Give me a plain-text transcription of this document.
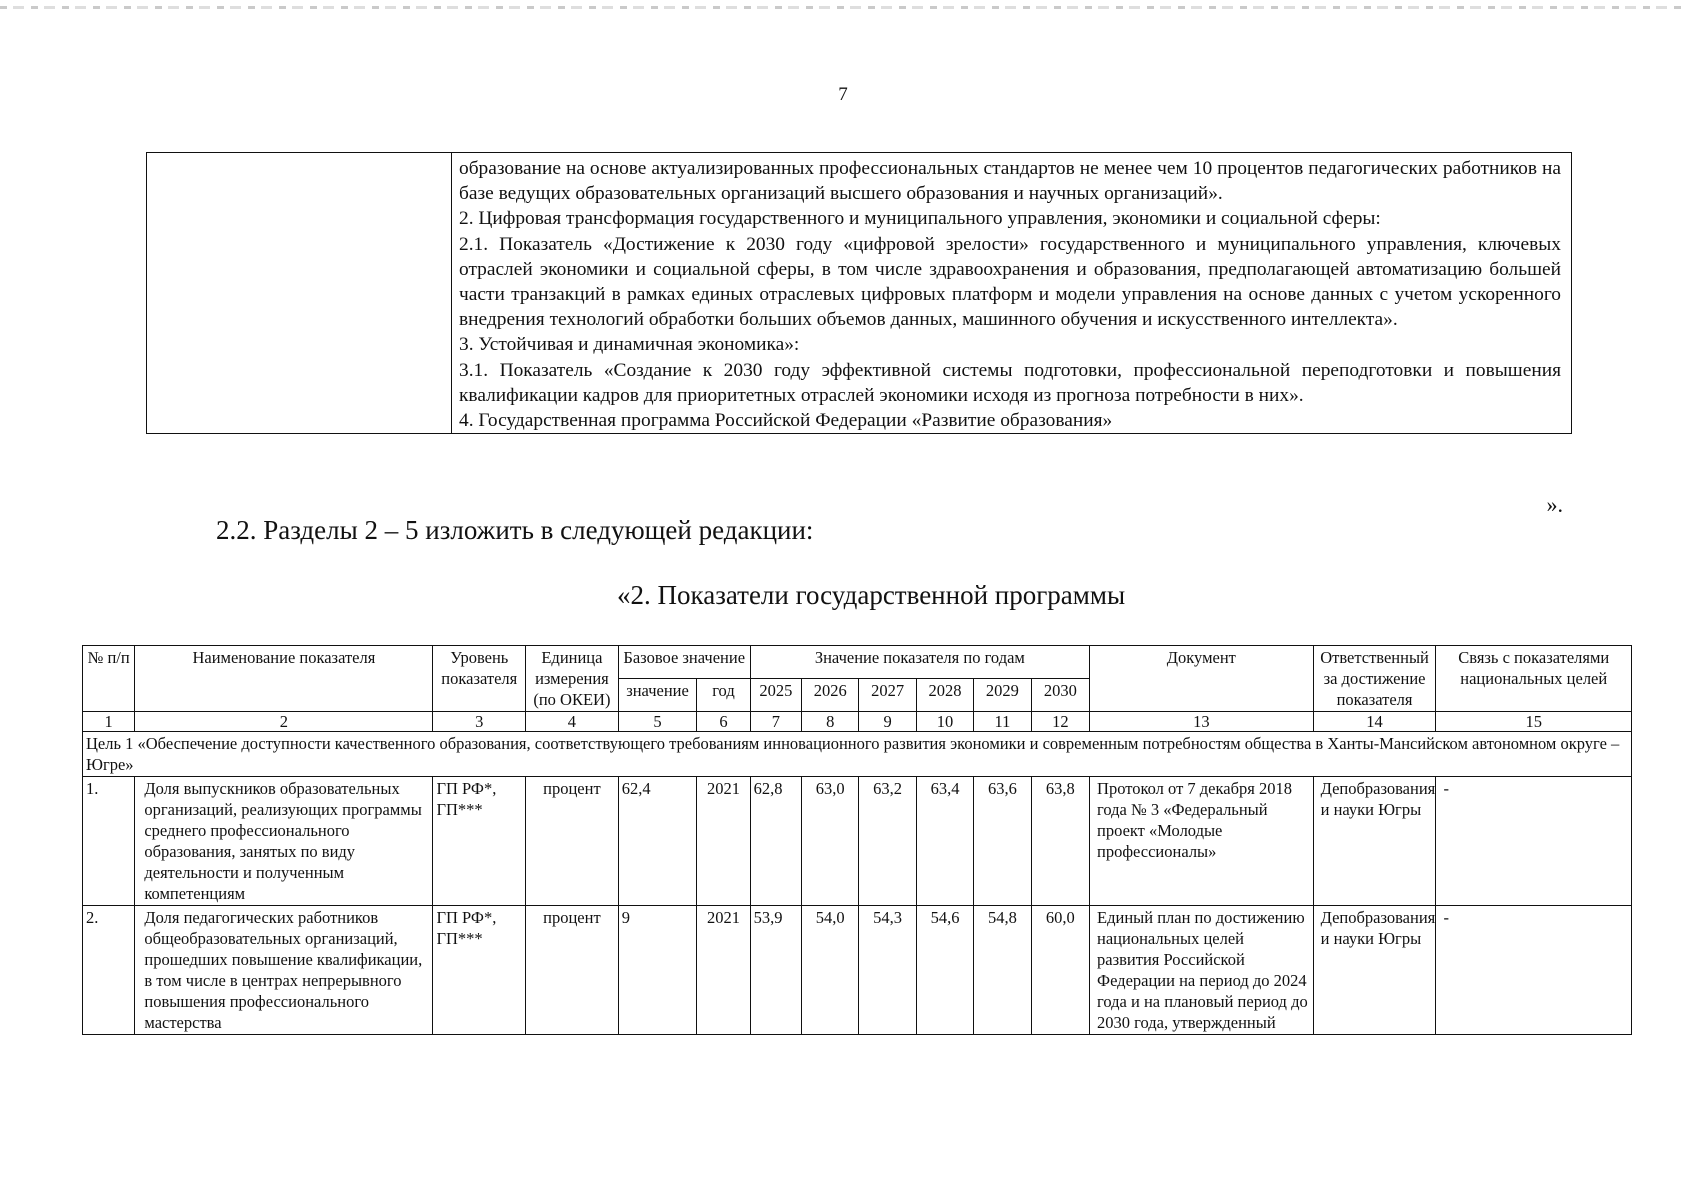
7

образование на основе актуализированных профессиональных стандартов не менее чем 10 процентов педагогических работников на базе ведущих образовательных организаций высшего образования и научных организаций».

2. Цифровая трансформация государственного и муниципального управления, экономики и социальной сферы:

2.1. Показатель «Достижение к 2030 году «цифровой зрелости» государственного и муниципального управления, ключевых отраслей экономики и социальной сферы, в том числе здравоохранения и образования, предполагающей автоматизацию большей части транзакций в рамках единых отраслевых цифровых платформ и модели управления на основе данных с учетом ускоренного внедрения технологий обработки больших объемов данных, машинного обучения и искусственного интеллекта».

3. Устойчивая и динамичная экономика»:

3.1. Показатель «Создание к 2030 году эффективной системы подготовки, профессиональной переподготовки и повышения квалификации кадров для приоритетных отраслей экономики исходя из прогноза потребности в них».

4. Государственная программа Российской Федерации «Развитие образования»

».
2.2. Разделы 2 – 5 изложить в следующей редакции:
«2. Показатели государственной программы
№ п/п	Наименование показателя	Уровень показателя	Единица измерения (по ОКЕИ)	Базовое значение		Значение показателя по годам						Документ	Ответственный за достижение показателя	Связь с показателями национальных целей
				значение	год	2025	2026	2027	2028	2029	2030			
1	2	3	4	5	6	7	8	9	10	11	12	13	14	15
Цель 1 «Обеспечение доступности качественного образования, соответствующего требованиям инновационного развития экономики и современным потребностям общества в Ханты-Мансийском автономном округе – Югре»														
1.	Доля выпускников образовательных организаций, реализующих программы среднего профессионального образования, занятых по виду деятельности и полученным компетенциям	ГП РФ*, ГП***	процент	62,4	2021	62,8	63,0	63,2	63,4	63,6	63,8	Протокол от 7 декабря 2018 года № 3 «Федеральный проект «Молодые профессионалы»	Депобразования и науки Югры	-
2.	Доля педагогических работников общеобразовательных организаций, прошедших повышение квалификации, в том числе в центрах непрерывного повышения профессионального мастерства	ГП РФ*, ГП***	процент	9	2021	53,9	54,0	54,3	54,6	54,8	60,0	Единый план по достижению национальных целей развития Российской Федерации на период до 2024 года и на плановый период до 2030 года, утвержденный	Депобразования и науки Югры	-
